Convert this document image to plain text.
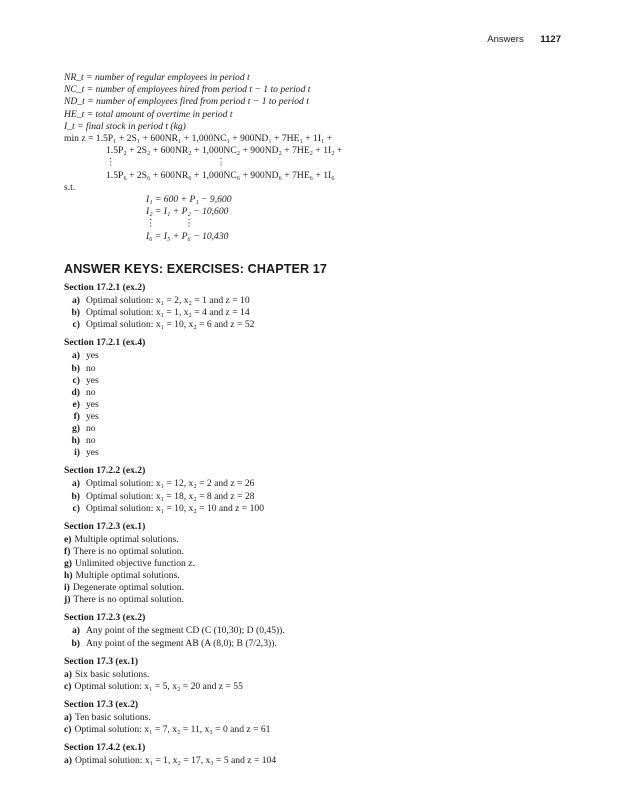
Answers 1127
NR_t = number of regular employees in period t
NC_t = number of employees hired from period t − 1 to period t
ND_t = number of employees fired from period t − 1 to period t
HE_t = total amount of overtime in period t
I_t = final stock in period t (kg)
min z = 1.5P₁ + 2S₁ + 600NR₁ + 1,000NC₁ + 900ND₁ + 7HE₁ + 1I₁ +
1.5P₂ + 2S₂ + 600NR₂ + 1,000NC₂ + 900ND₂ + 7HE₂ + 1I₂ +
⋮                                          ⋮
1.5P₆ + 2S₆ + 600NR₆ + 1,000NC₆ + 900ND₆ + 7HE₆ + 1I₆
s.t.
I₁ = 600 + P₁ − 9,600
I₂ = I₁ + P₂ − 10,600
⋮            ⋮
I₆ = I₅ + P₆ − 10,430
ANSWER KEYS: EXERCISES: CHAPTER 17
Section 17.2.1 (ex.2)
a) Optimal solution: x₁ = 2, x₂ = 1 and z = 10
b) Optimal solution: x₁ = 1, x₂ = 4 and z = 14
c) Optimal solution: x₁ = 10, x₂ = 6 and z = 52
Section 17.2.1 (ex.4)
a) yes
b) no
c) yes
d) no
e) yes
f) yes
g) no
h) no
i) yes
Section 17.2.2 (ex.2)
a) Optimal solution: x₁ = 12, x₂ = 2 and z = 26
b) Optimal solution: x₁ = 18, x₂ = 8 and z = 28
c) Optimal solution: x₁ = 10, x₂ = 10 and z = 100
Section 17.2.3 (ex.1)
e) Multiple optimal solutions.
f) There is no optimal solution.
g) Unlimited objective function z.
h) Multiple optimal solutions.
i) Degenerate optimal solution.
j) There is no optimal solution.
Section 17.2.3 (ex.2)
a) Any point of the segment CD (C (10,30); D (0,45)).
b) Any point of the segment AB (A (8,0); B (7/2,3)).
Section 17.3 (ex.1)
a) Six basic solutions.
c) Optimal solution: x₁ = 5, x₂ = 20 and z = 55
Section 17.3 (ex.2)
a) Ten basic solutions.
c) Optimal solution: x₁ = 7, x₂ = 11, x₃ = 0 and z = 61
Section 17.4.2 (ex.1)
a) Optimal solution: x₁ = 1, x₂ = 17, x₃ = 5 and z = 104
